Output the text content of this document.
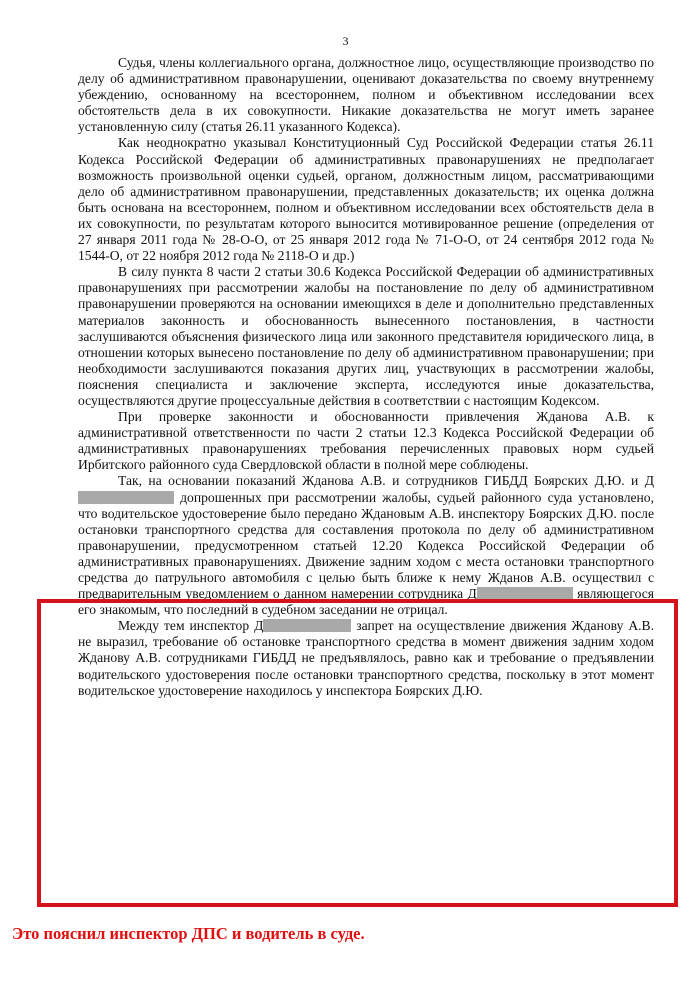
3

Судья, члены коллегиального органа, должностное лицо, осуществляющие производство по делу об административном правонарушении, оценивают доказательства по своему внутреннему убеждению, основанному на всестороннем, полном и объективном исследовании всех обстоятельств дела в их совокупности. Никакие доказательства не могут иметь заранее установленную силу (статья 26.11 указанного Кодекса).

Как неоднократно указывал Конституционный Суд Российской Федерации статья 26.11 Кодекса Российской Федерации об административных правонарушениях не предполагает возможность произвольной оценки судьей, органом, должностным лицом, рассматривающими дело об административном правонарушении, представленных доказательств; их оценка должна быть основана на всестороннем, полном и объективном исследовании всех обстоятельств дела в их совокупности, по результатам которого выносится мотивированное решение (определения от 27 января 2011 года № 28-О-О, от 25 января 2012 года № 71-О-О, от 24 сентября 2012 года № 1544-О, от 22 ноября 2012 года № 2118-О и др.)

В силу пункта 8 части 2 статьи 30.6 Кодекса Российской Федерации об административных правонарушениях при рассмотрении жалобы на постановление по делу об административном правонарушении проверяются на основании имеющихся в деле и дополнительно представленных материалов законность и обоснованность вынесенного постановления, в частности заслушиваются объяснения физического лица или законного представителя юридического лица, в отношении которых вынесено постановление по делу об административном правонарушении; при необходимости заслушиваются показания других лиц, участвующих в рассмотрении жалобы, пояснения специалиста и заключение эксперта, исследуются иные доказательства, осуществляются другие процессуальные действия в соответствии с настоящим Кодексом.

При проверке законности и обоснованности привлечения Жданова А.В. к административной ответственности по части 2 статьи 12.3 Кодекса Российской Федерации об административных правонарушениях требования перечисленных правовых норм судьей Ирбитского районного суда Свердловской области в полной мере соблюдены.

Так, на основании показаний Жданова А.В. и сотрудников ГИБДД Боярских Д.Ю. и Д допрошенных при рассмотрении жалобы, судьей районного суда установлено, что водительское удостоверение было передано Ждановым А.В. инспектору Боярских Д.Ю. после остановки транспортного средства для составления протокола по делу об административном правонарушении, предусмотренном статьей 12.20 Кодекса Российской Федерации об административных правонарушениях. Движение задним ходом с места остановки транспортного средства до патрульного автомобиля с целью быть ближе к нему Жданов А.В. осуществил с предварительным уведомлением о данном намерении сотрудника Д	являющегося его знакомым, что последний в судебном заседании не отрицал.

Между тем инспектор Д	запрет на осуществление движения Жданову А.В. не выразил, требование об остановке транспортного средства в момент движения задним ходом Жданову А.В. сотрудниками ГИБДД не предъявлялось, равно как и требование о предъявлении водительского удостоверения после остановки транспортного средства, поскольку в этот момент водительское удостоверение находилось у инспектора Боярских Д.Ю.

Это пояснил инспектор ДПС и водитель в суде.
